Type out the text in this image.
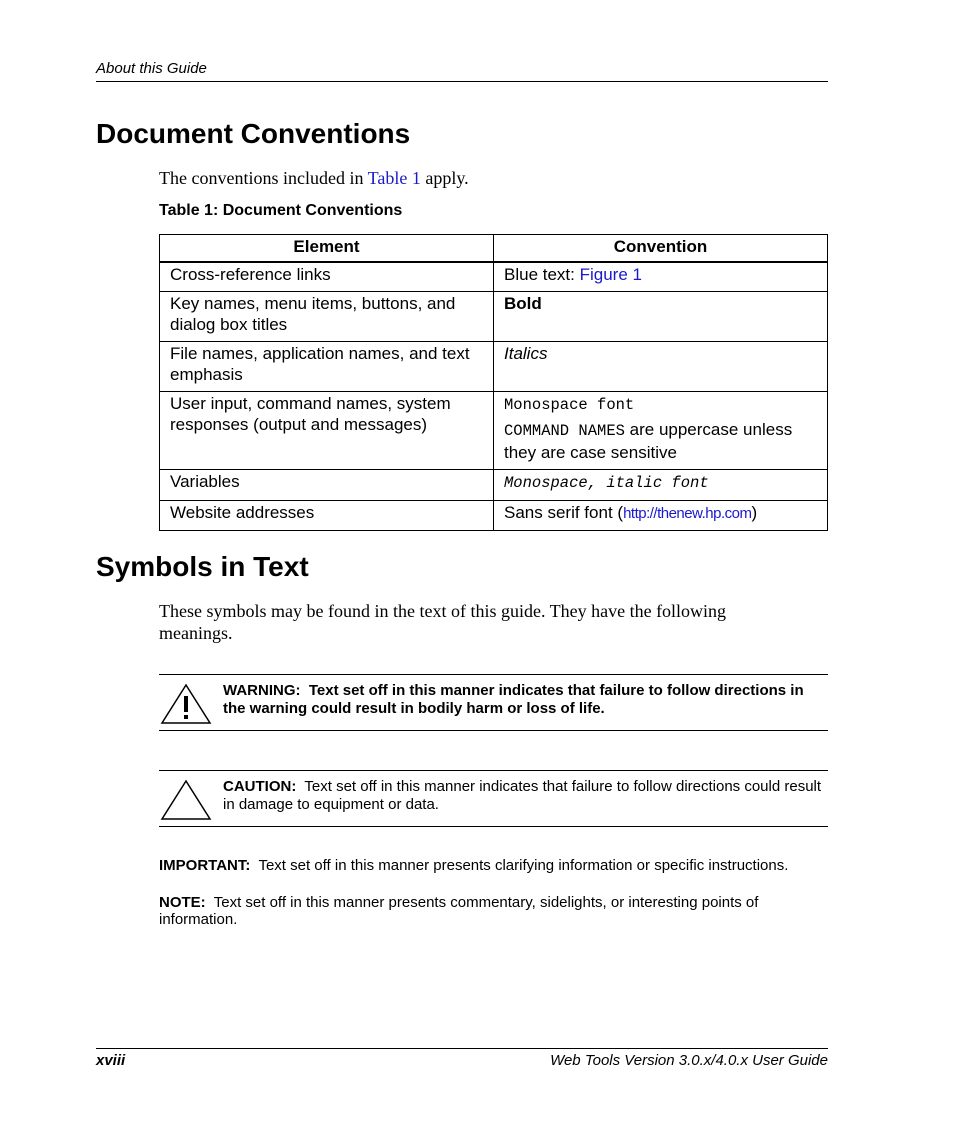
About this Guide
Document Conventions
The conventions included in Table 1 apply.
Table 1: Document Conventions
Element	Convention
Cross-reference links	Blue text: Figure 1
Key names, menu items, buttons, and dialog box titles	Bold
File names, application names, and text emphasis	Italics
User input, command names, system responses (output and messages)	Monospace font
COMMAND NAMES are uppercase unless they are case sensitive

Variables	Monospace, italic font
Website addresses	Sans serif font (http://thenew.hp.com)
Symbols in Text
These symbols may be found in the text of this guide. They have the following meanings.
WARNING:  Text set off in this manner indicates that failure to follow directions in the warning could result in bodily harm or loss of life.
CAUTION:  Text set off in this manner indicates that failure to follow directions could result in damage to equipment or data.
IMPORTANT:  Text set off in this manner presents clarifying information or specific instructions.
NOTE:  Text set off in this manner presents commentary, sidelights, or interesting points of information.
xviii	Web Tools Version 3.0.x/4.0.x User Guide
